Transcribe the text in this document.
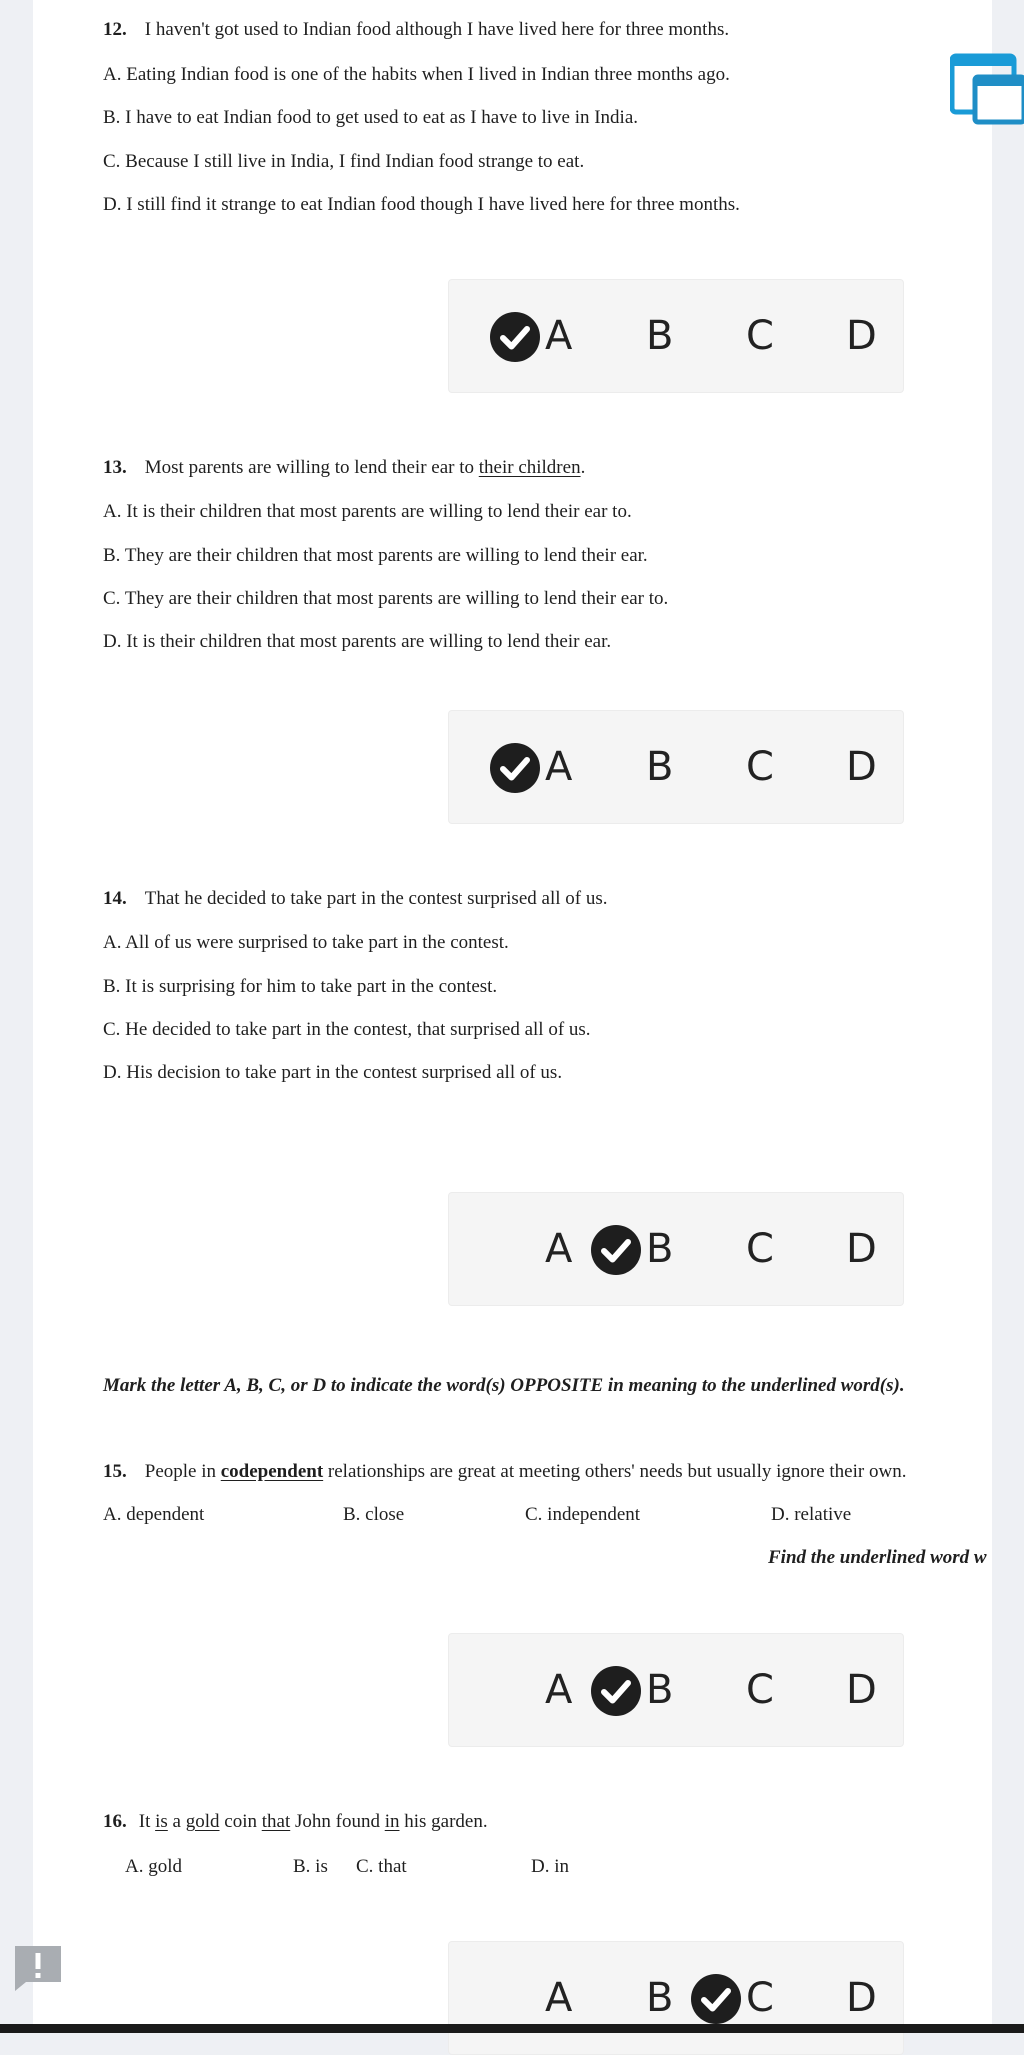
12. I haven't got used to Indian food although I have lived here for three months.
A. Eating Indian food is one of the habits when I lived in Indian three months ago.
B. I have to eat Indian food to get used to eat as I have to live in India.
C. Because I still live in India, I find Indian food strange to eat.
D. I still find it strange to eat Indian food though I have lived here for three months.
13. Most parents are willing to lend their ear to their children.
A. It is their children that most parents are willing to lend their ear to.
B. They are their children that most parents are willing to lend their ear.
C. They are their children that most parents are willing to lend their ear to.
D. It is their children that most parents are willing to lend their ear.
14. That he decided to take part in the contest surprised all of us.
A. All of us were surprised to take part in the contest.
B. It is surprising for him to take part in the contest.
C. He decided to take part in the contest, that surprised all of us.
D. His decision to take part in the contest surprised all of us.
Mark the letter A, B, C, or D to indicate the word(s) OPPOSITE in meaning to the underlined word(s).
15. People in codependent relationships are great at meeting others' needs but usually ignore their own.
A. dependent	B. close	C. independent	D. relative
Find the underlined word w
16. It is a gold coin that John found in his garden.
A. gold	B. is C. that	D. in
A B C D
A B C D
A B C D
A B C D
A B C D
